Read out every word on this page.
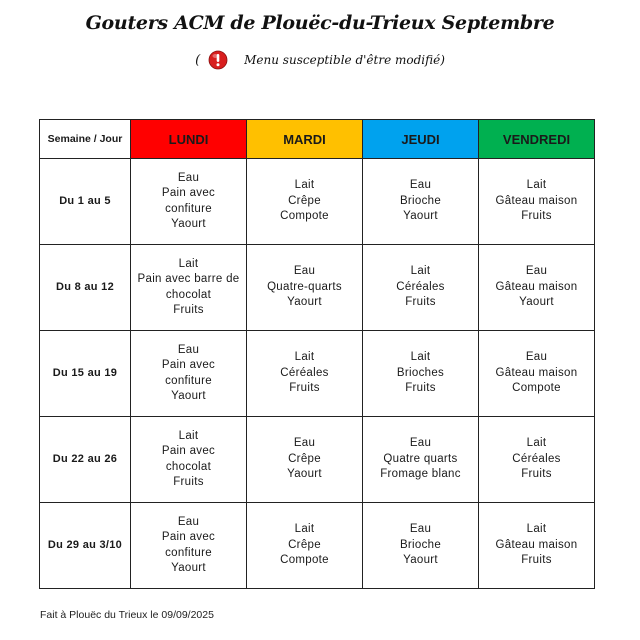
Gouters ACM de Plouëc-du-Trieux Septembre
(	Menu susceptible d'être modifié)
Semaine / Jour	LUNDI	MARDI	JEUDI	VENDREDI
Du 1 au 5	Eau
Pain avec
confiture
Yaourt	Lait
Crêpe
Compote	Eau
Brioche
Yaourt	Lait
Gâteau maison
Fruits

Du 8 au 12	Lait
Pain avec barre de
chocolat
Fruits	Eau
Quatre-quarts
Yaourt	Lait
Céréales
Fruits	Eau
Gâteau maison
Yaourt

Du 15 au 19	Eau
Pain avec
confiture
Yaourt	Lait
Céréales
Fruits	Lait
Brioches
Fruits	Eau
Gâteau maison
Compote

Du 22 au 26	Lait
Pain avec
chocolat
Fruits	Eau
Crêpe
Yaourt	Eau
Quatre quarts
Fromage blanc	Lait
Céréales
Fruits

Du 29 au 3/10	Eau
Pain avec
confiture
Yaourt	Lait
Crêpe
Compote	Eau
Brioche
Yaourt	Lait
Gâteau maison
Fruits
Fait à Plouëc du Trieux le 09/09/2025
